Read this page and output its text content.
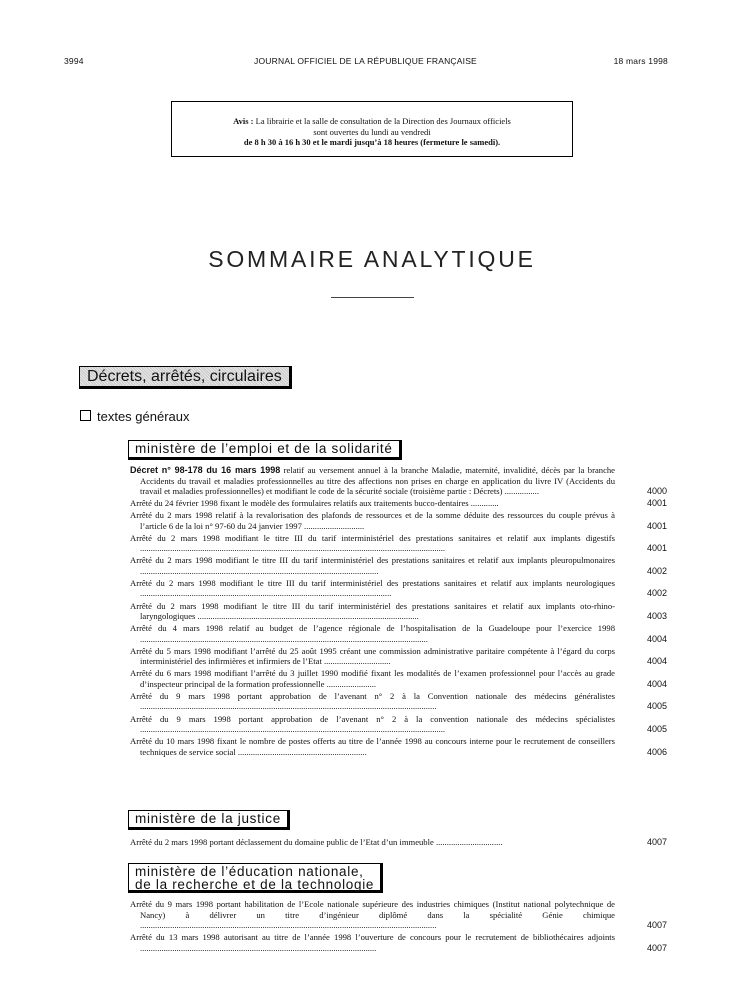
3994	JOURNAL OFFICIEL DE LA RÉPUBLIQUE FRANÇAISE	18 mars 1998
Avis : La librairie et la salle de consultation de la Direction des Journaux officiels
sont ouvertes du lundi au vendredi
de 8 h 30 à 16 h 30 et le mardi jusqu’à 18 heures (fermeture le samedi).
SOMMAIRE ANALYTIQUE
Décrets, arrêtés, circulaires
textes généraux
ministère de l’emploi et de la solidarité
Décret n° 98-178 du 16 mars 1998 relatif au versement annuel à la branche Maladie, maternité, invalidité, décès par la branche Accidents du travail et maladies professionnelles au titre des affections non prises en charge en application du livre IV (Accidents du travail et maladies professionnelles) et modifiant le code de la sécurité sociale (troisième partie : Décrets) ................	4000
Arrêté du 24 février 1998 fixant le modèle des formulaires relatifs aux traitements bucco-dentaires .............	4001
Arrêté du 2 mars 1998 relatif à la revalorisation des plafonds de ressources et de la somme déduite des ressources du couple prévus à l’article 6 de la loi n° 97-60 du 24 janvier 1997 ............................	4001
Arrêté du 2 mars 1998 modifiant le titre III du tarif interministériel des prestations sanitaires et relatif aux implants digestifs ..............................................................................................................................................	4001
Arrêté du 2 mars 1998 modifiant le titre III du tarif interministériel des prestations sanitaires et relatif aux implants pleuropulmonaires ...............................................................................................................	4002
Arrêté du 2 mars 1998 modifiant le titre III du tarif interministériel des prestations sanitaires et relatif aux implants neurologiques .....................................................................................................................	4002
Arrêté du 2 mars 1998 modifiant le titre III du tarif interministériel des prestations sanitaires et relatif aux implants oto-rhino-laryngologiques .......................................................................................................	4003
Arrêté du 4 mars 1998 relatif au budget de l’agence régionale de l’hospitalisation de la Guadeloupe pour l’exercice 1998 ......................................................................................................................................	4004
Arrêté du 5 mars 1998 modifiant l’arrêté du 25 août 1995 créant une commission administrative paritaire compétente à l’égard du corps interministériel des infirmières et infirmiers de l’Etat ...............................	4004
Arrêté du 6 mars 1998 modifiant l’arrêté du 3 juillet 1990 modifié fixant les modalités de l’examen professionnel pour l’accès au grade d’inspecteur principal de la formation professionnelle .......................	4004
Arrêté du 9 mars 1998 portant approbation de l’avenant n° 2 à la Convention nationale des médecins généralistes ..........................................................................................................................................	4005
Arrêté du 9 mars 1998 portant approbation de l’avenant n° 2 à la convention nationale des médecins spécialistes ..............................................................................................................................................	4005
Arrêté du 10 mars 1998 fixant le nombre de postes offerts au titre de l’année 1998 au concours interne pour le recrutement de conseillers techniques de service social ............................................................	4006
ministère de la justice
Arrêté du 2 mars 1998 portant déclassement du domaine public de l’Etat d’un immeuble ...............................	4007
ministère de l’éducation nationale,
de la recherche et de la technologie
Arrêté du 9 mars 1998 portant habilitation de l’Ecole nationale supérieure des industries chimiques (Institut national polytechnique de Nancy) à délivrer un titre d’ingénieur diplômé dans la spécialité Génie chimique ..........................................................................................................................................	4007
Arrêté du 13 mars 1998 autorisant au titre de l’année 1998 l’ouverture de concours pour le recrutement de bibliothécaires adjoints ..............................................................................................................	4007
